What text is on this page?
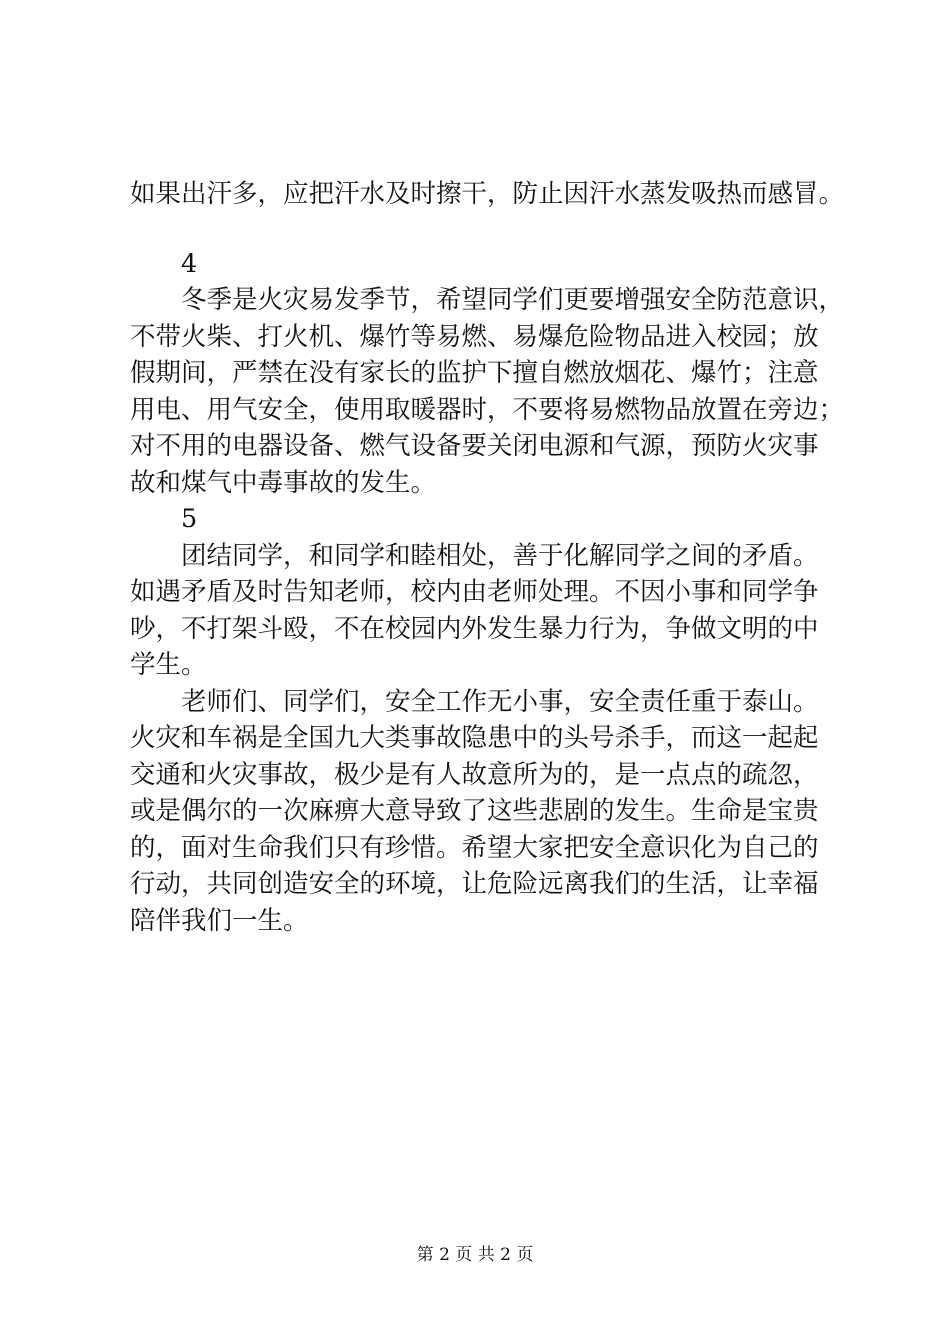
如果出汗多，应把汗水及时擦干，防止因汗水蒸发吸热而感冒。
4
冬季是火灾易发季节，希望同学们更要增强安全防范意识，
不带火柴、打火机、爆竹等易燃、易爆危险物品进入校园；放
假期间，严禁在没有家长的监护下擅自燃放烟花、爆竹；注意
用电、用气安全，使用取暖器时，不要将易燃物品放置在旁边；
对不用的电器设备、燃气设备要关闭电源和气源，预防火灾事
故和煤气中毒事故的发生。
5
团结同学，和同学和睦相处，善于化解同学之间的矛盾。
如遇矛盾及时告知老师，校内由老师处理。不因小事和同学争
吵，不打架斗殴，不在校园内外发生暴力行为，争做文明的中
学生。
老师们、同学们，安全工作无小事，安全责任重于泰山。
火灾和车祸是全国九大类事故隐患中的头号杀手，而这一起起
交通和火灾事故，极少是有人故意所为的，是一点点的疏忽，
或是偶尔的一次麻痹大意导致了这些悲剧的发生。生命是宝贵
的，面对生命我们只有珍惜。希望大家把安全意识化为自己的
行动，共同创造安全的环境，让危险远离我们的生活，让幸福
陪伴我们一生。
第 2 页 共 2 页
